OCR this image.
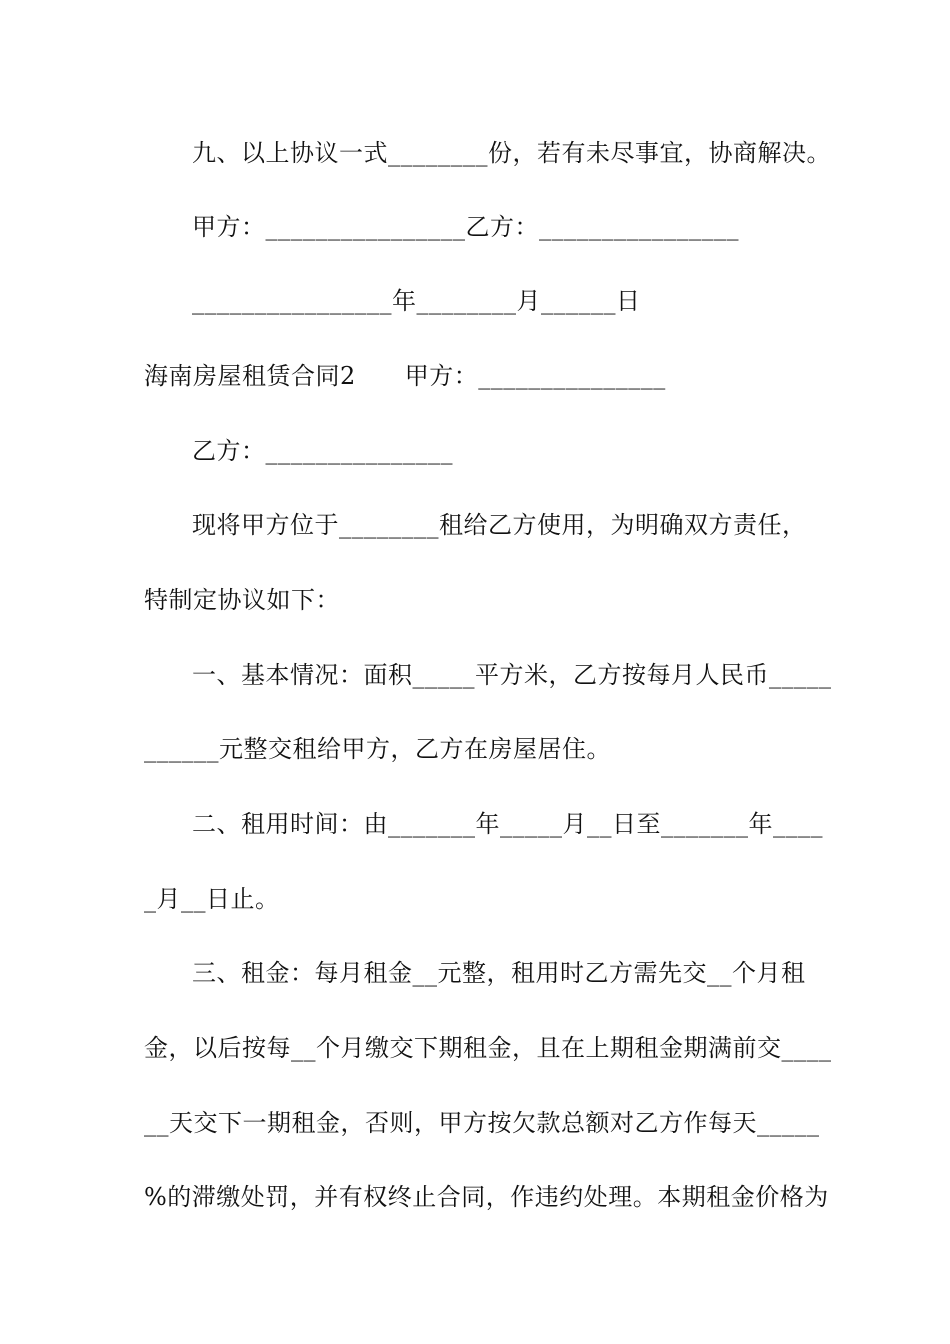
九、以上协议一式________份，若有未尽事宜，协商解决。
甲方：________________乙方：________________
________________年________月______日
海南房屋租赁合同2　　甲方：_______________
乙方：_______________
现将甲方位于________租给乙方使用，为明确双方责任，
特制定协议如下：
一、基本情况：面积_____平方米，乙方按每月人民币_____
______元整交租给甲方，乙方在房屋居住。
二、租用时间：由_______年_____月__日至_______年____
_月__日止。
三、租金：每月租金__元整，租用时乙方需先交__个月租
金，以后按每__个月缴交下期租金，且在上期租金期满前交____
__天交下一期租金，否则，甲方按欠款总额对乙方作每天_____
%的滞缴处罚，并有权终止合同，作违约处理。本期租金价格为
